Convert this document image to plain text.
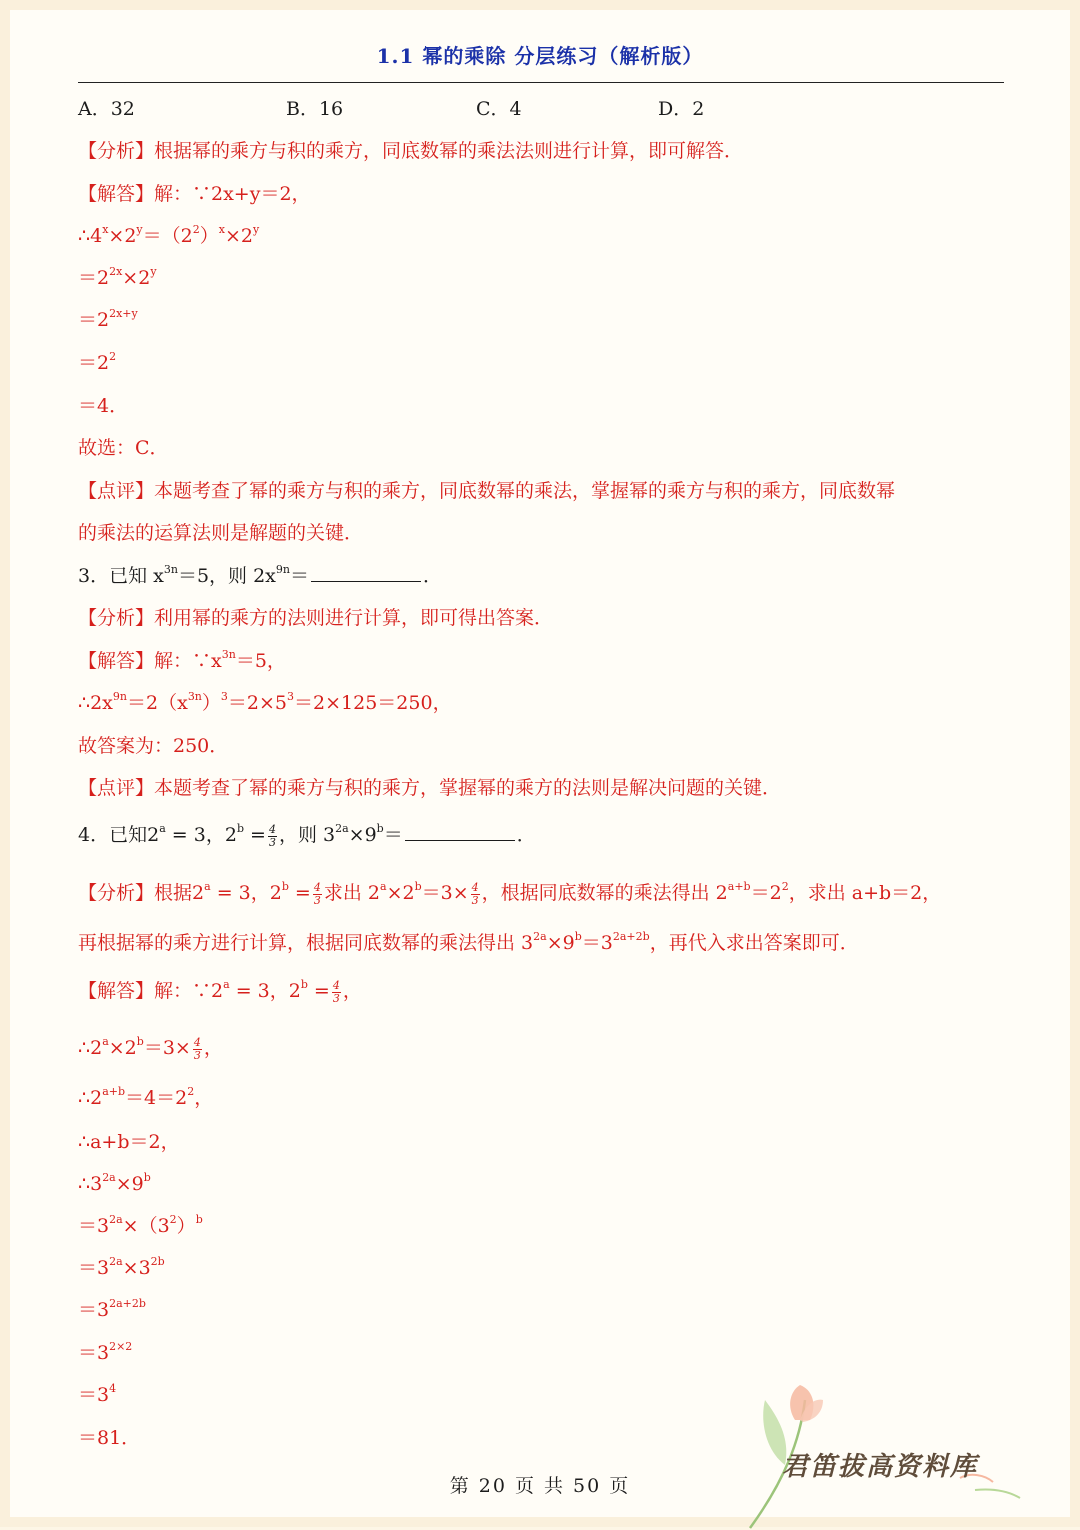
1.1 幂的乘除 分层练习（解析版）
A．32	B．16	C．4	D．2
【分析】根据幂的乘方与积的乘方，同底数幂的乘法法则进行计算，即可解答．
【解答】解：∵2x+y＝2，
$\therefore 4^x\times 2^y=(2^2)^x\times 2^y$
$=2^{2x}\times 2^y$
$=2^{2x+y}$
$=2^2$
＝4．
故选：C．
【点评】本题考查了幂的乘方与积的乘方，同底数幂的乘法，掌握幂的乘方与积的乘方，同底数幂
的乘法的运算法则是解题的关键．
3．已知 $x^{3n}=5$，则 $2x^{9n}=$	．
【分析】利用幂的乘方的法则进行计算，即可得出答案．
【解答】解：$\because x^{3n}=5$，
$\therefore 2x^{9n}=2(x^{3n})^3=2\times 5^3=2\times 125=250$，
故答案为：250．
【点评】本题考查了幂的乘方与积的乘方，掌握幂的乘方的法则是解决问题的关键．
4．已知$2^a = 3$，$2^b = \frac{4}{3}$ ，则 $3^{2a}\times 9^b=$	．
【分析】根据$2^a = 3$，$2^b = \frac{4}{3}$ 求出 $2^a\times 2^b=3\times \frac{4}{3}$ ，根据同底数幂的乘法得出 $2^{a+b}=2^2$，求出 a+b＝2，
再根据幂的乘方进行计算，根据同底数幂的乘法得出 $3^{2a}\times 9^b=3^{2a+2b}$，再代入求出答案即可．
【解答】解：$\because 2^a = 3$，$2^b = \frac{4}{3}$ ，
$\therefore 2^a\times 2^b=3\times \frac{4}{3}$ ，
$\therefore 2^{a+b}=4=2^2$，
∴a+b＝2，
$\therefore 3^{2a}\times 9^b$
$=3^{2a}\times(3^2)^b$
$=3^{2a}\times 3^{2b}$
$=3^{2a+2b}$
$=3^{2\times 2}$
$=3^4$
＝81．
君笛拔高资料库
第 20 页 共 50 页
